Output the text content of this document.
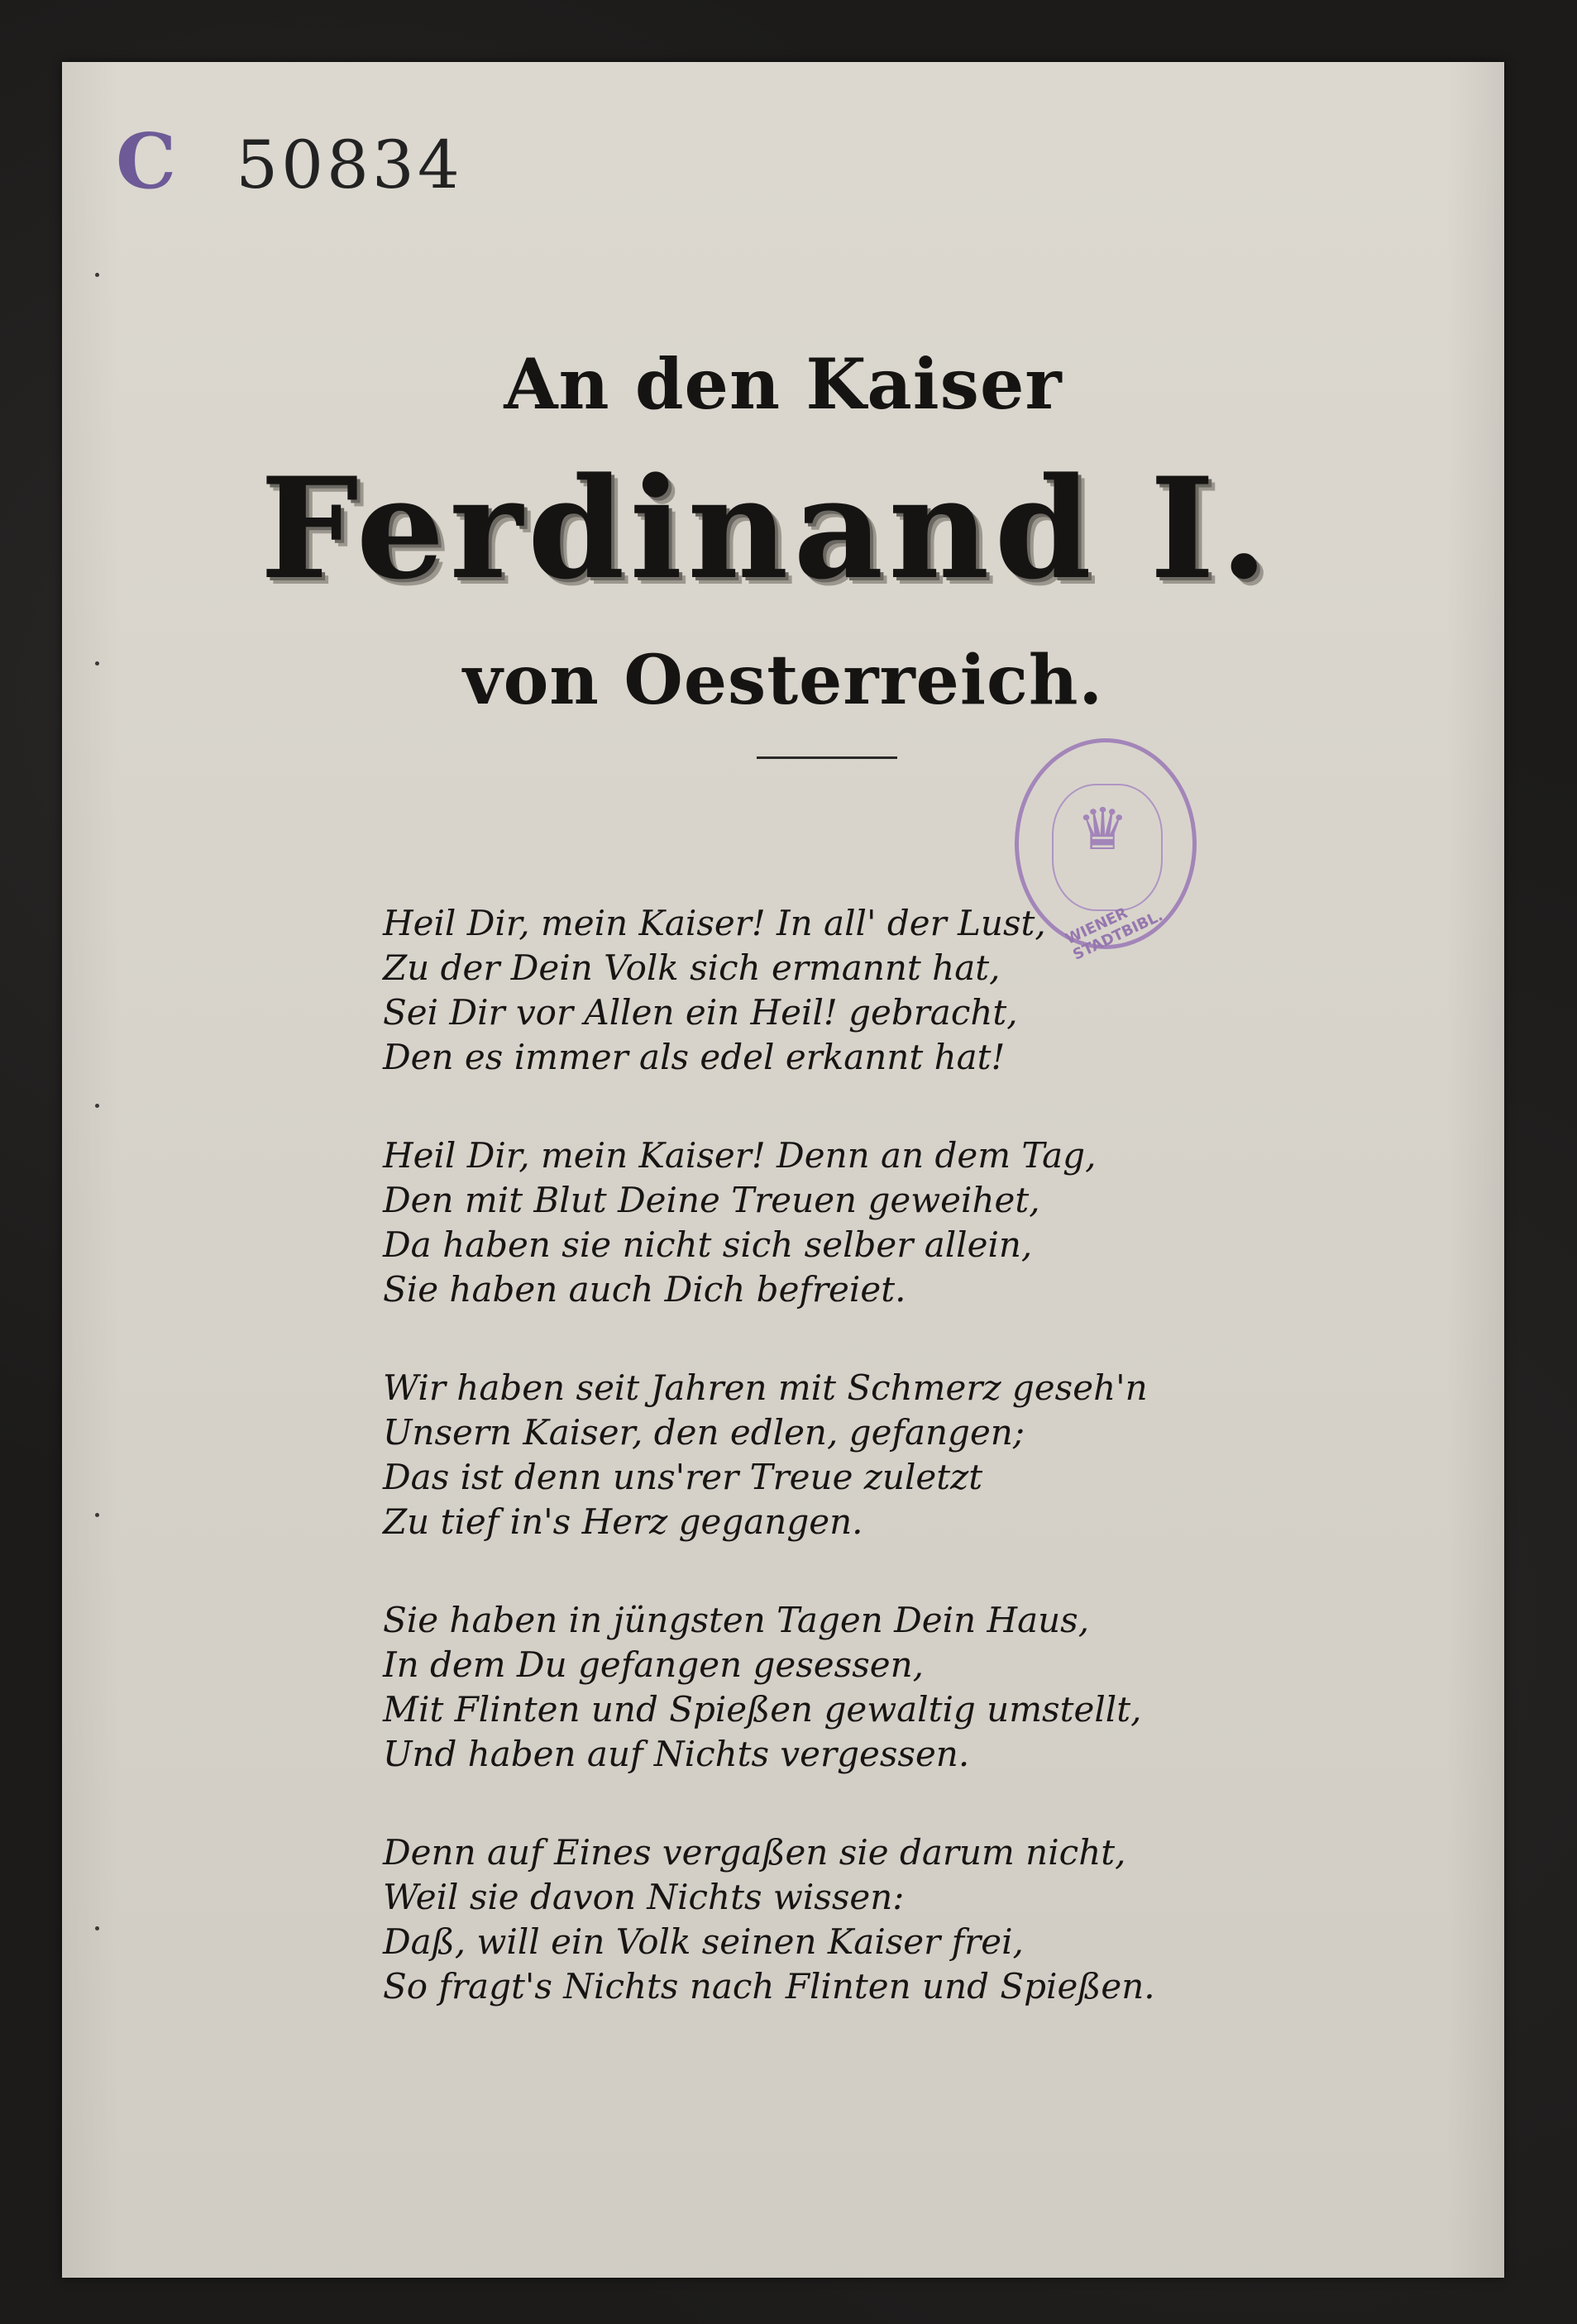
C 50834

An den Kaiser
Ferdinand I.
von Oesterreich.
♛
WIENER STADTBIBL.
Heil Dir, mein Kaiser! In all' der Lust,
Zu der Dein Volk sich ermannt hat,
Sei Dir vor Allen ein Heil! gebracht,
Den es immer als edel erkannt hat!
Heil Dir, mein Kaiser! Denn an dem Tag,
Den mit Blut Deine Treuen geweihet,
Da haben sie nicht sich selber allein,
Sie haben auch Dich befreiet.
Wir haben seit Jahren mit Schmerz geseh'n
Unsern Kaiser, den edlen, gefangen;
Das ist denn uns'rer Treue zuletzt
Zu tief in's Herz gegangen.
Sie haben in jüngsten Tagen Dein Haus,
In dem Du gefangen gesessen,
Mit Flinten und Spießen gewaltig umstellt,
Und haben auf Nichts vergessen.
Denn auf Eines vergaßen sie darum nicht,
Weil sie davon Nichts wissen:
Daß, will ein Volk seinen Kaiser frei,
So fragt's Nichts nach Flinten und Spießen.
